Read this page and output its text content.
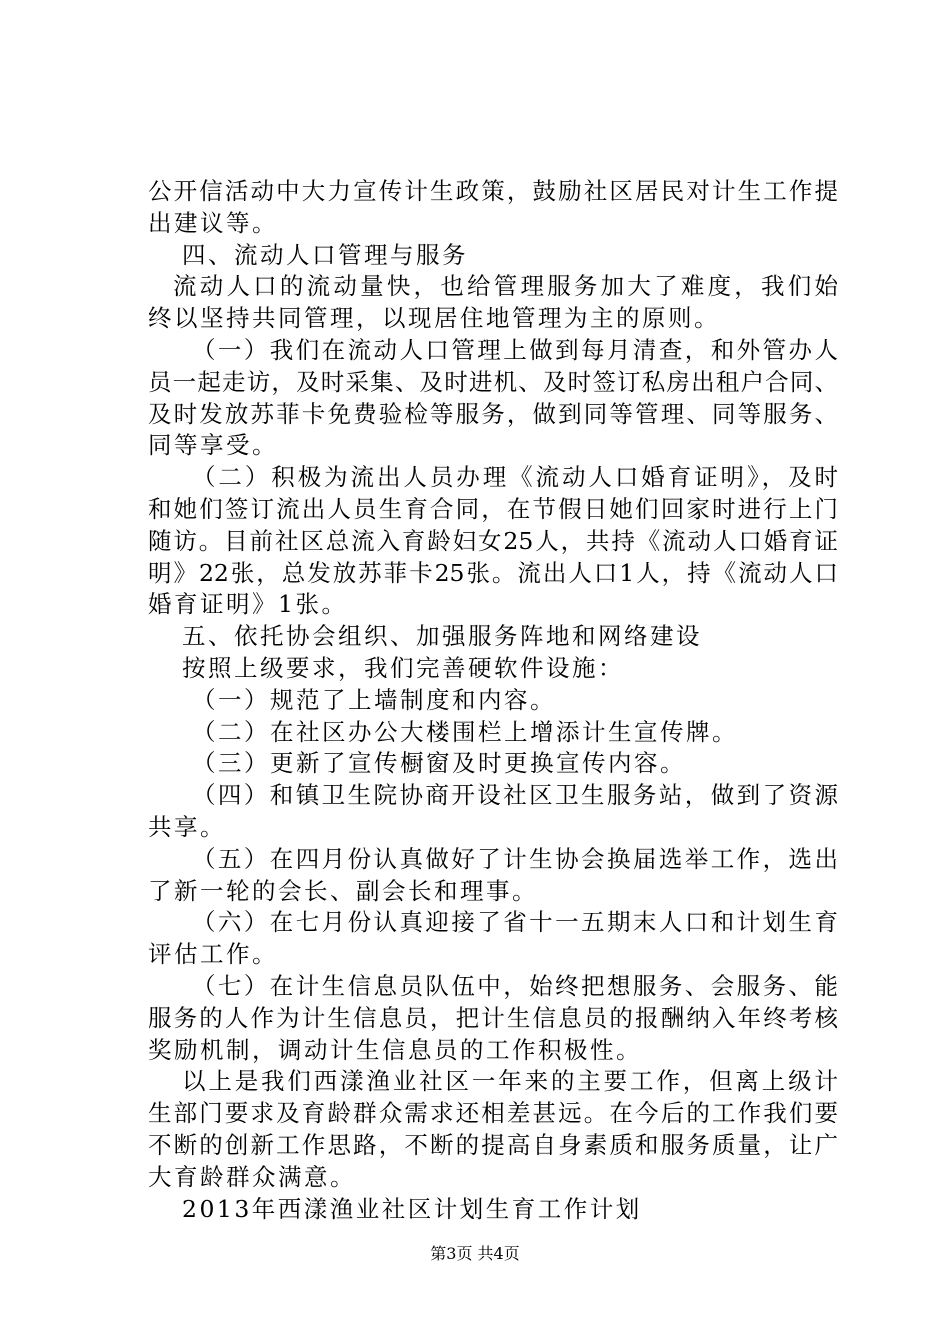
公开信活动中大力宣传计生政策，鼓励社区居民对计生工作提
出建议等。
四、流动人口管理与服务
流动人口的流动量快，也给管理服务加大了难度，我们始
终以坚持共同管理，以现居住地管理为主的原则。
（一）我们在流动人口管理上做到每月清查，和外管办人
员一起走访，及时采集、及时进机、及时签订私房出租户合同、
及时发放苏菲卡免费验检等服务，做到同等管理、同等服务、
同等享受。
（二）积极为流出人员办理《流动人口婚育证明》，及时
和她们签订流出人员生育合同，在节假日她们回家时进行上门
随访。目前社区总流入育龄妇女25人，共持《流动人口婚育证
明》22张，总发放苏菲卡25张。流出人口1人，持《流动人口
婚育证明》1张。
五、依托协会组织、加强服务阵地和网络建设
按照上级要求，我们完善硬软件设施：
（一）规范了上墙制度和内容。
（二）在社区办公大楼围栏上增添计生宣传牌。
（三）更新了宣传橱窗及时更换宣传内容。
（四）和镇卫生院协商开设社区卫生服务站，做到了资源
共享。
（五）在四月份认真做好了计生协会换届选举工作，选出
了新一轮的会长、副会长和理事。
（六）在七月份认真迎接了省十一五期末人口和计划生育
评估工作。
（七）在计生信息员队伍中，始终把想服务、会服务、能
服务的人作为计生信息员，把计生信息员的报酬纳入年终考核
奖励机制，调动计生信息员的工作积极性。
以上是我们西漾渔业社区一年来的主要工作，但离上级计
生部门要求及育龄群众需求还相差甚远。在今后的工作我们要
不断的创新工作思路，不断的提高自身素质和服务质量，让广
大育龄群众满意。
2013年西漾渔业社区计划生育工作计划
第3页 共4页
